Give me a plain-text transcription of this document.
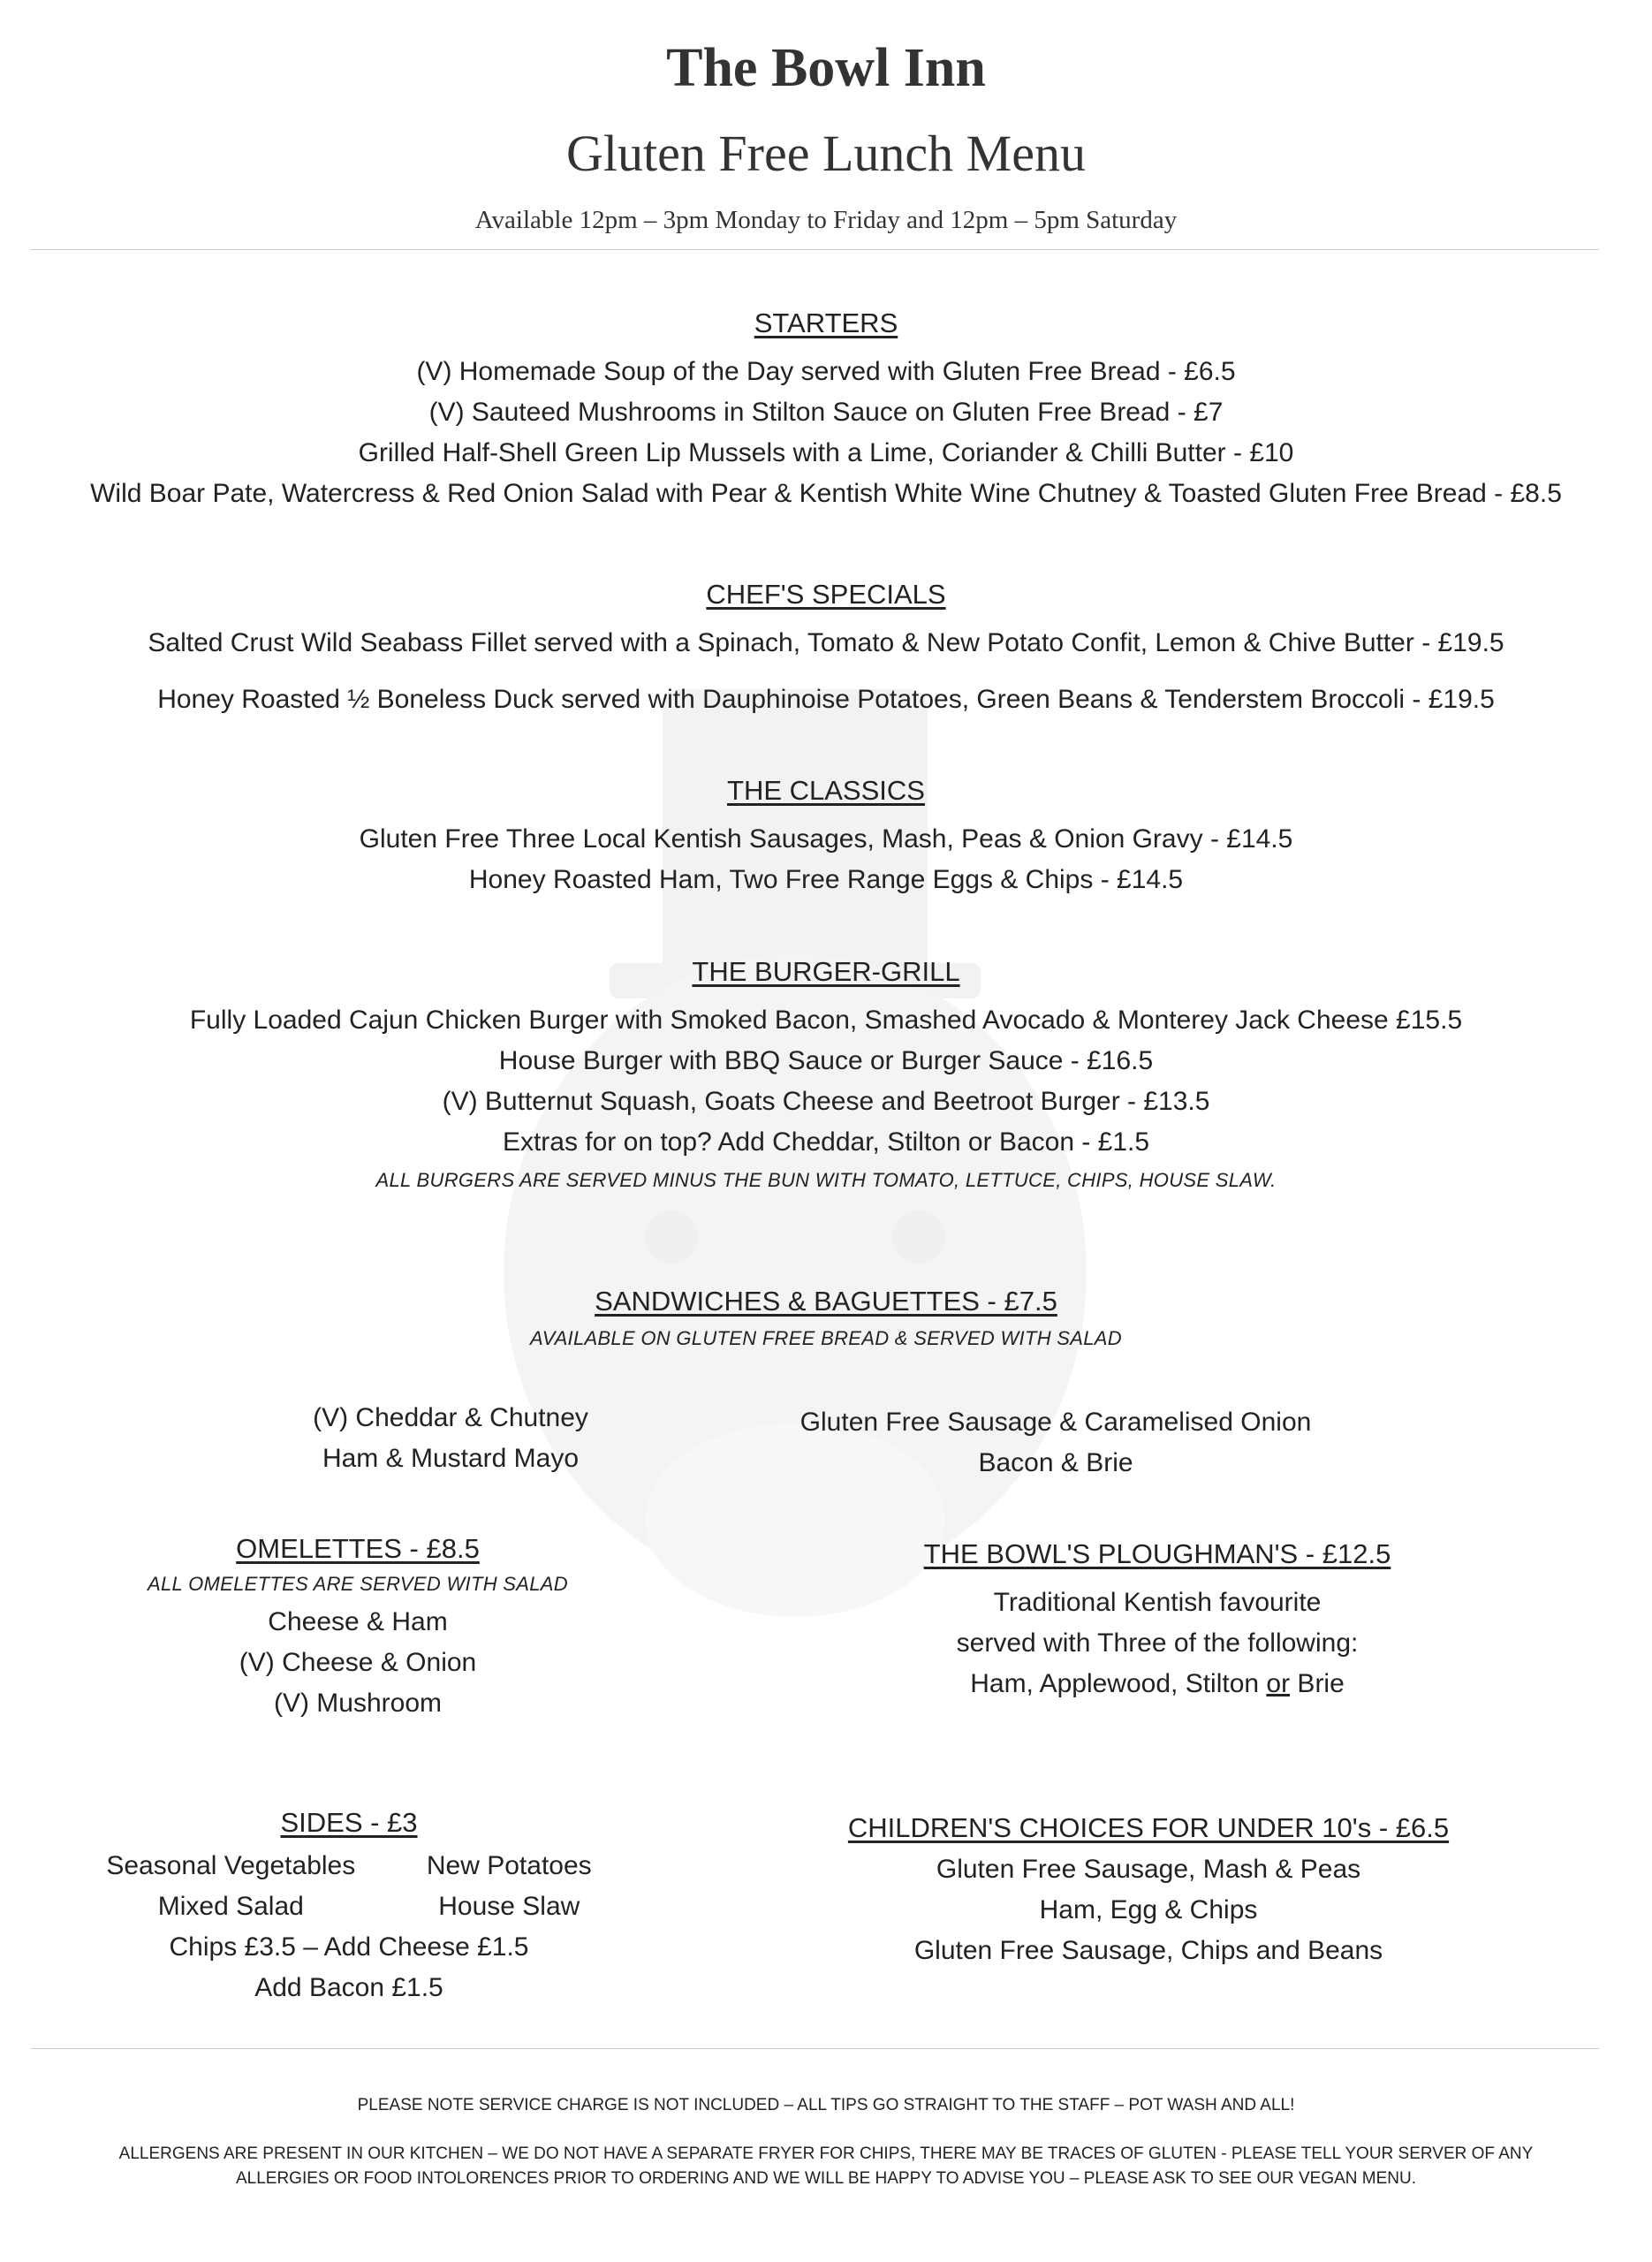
The Bowl Inn
Gluten Free Lunch Menu
Available 12pm – 3pm Monday to Friday and 12pm – 5pm Saturday
STARTERS
(V) Homemade Soup of the Day served with Gluten Free Bread - £6.5
(V) Sauteed Mushrooms in Stilton Sauce on Gluten Free Bread - £7
Grilled Half-Shell Green Lip Mussels with a Lime, Coriander & Chilli Butter - £10
Wild Boar Pate, Watercress & Red Onion Salad with Pear & Kentish White Wine Chutney & Toasted Gluten Free Bread - £8.5
CHEF'S SPECIALS
Salted Crust Wild Seabass Fillet served with a Spinach, Tomato & New Potato Confit, Lemon & Chive Butter - £19.5
Honey Roasted ½ Boneless Duck served with Dauphinoise Potatoes, Green Beans & Tenderstem Broccoli - £19.5
THE CLASSICS
Gluten Free Three Local Kentish Sausages, Mash, Peas & Onion Gravy - £14.5
Honey Roasted Ham, Two Free Range Eggs & Chips - £14.5
THE BURGER-GRILL
Fully Loaded Cajun Chicken Burger with Smoked Bacon, Smashed Avocado & Monterey Jack Cheese £15.5
House Burger with BBQ Sauce or Burger Sauce - £16.5
(V) Butternut Squash, Goats Cheese and Beetroot Burger - £13.5
Extras for on top? Add Cheddar, Stilton or Bacon - £1.5
ALL BURGERS ARE SERVED MINUS THE BUN WITH TOMATO, LETTUCE, CHIPS, HOUSE SLAW.
SANDWICHES & BAGUETTES - £7.5
AVAILABLE ON GLUTEN FREE BREAD & SERVED WITH SALAD
(V) Cheddar & Chutney
Ham & Mustard Mayo
Gluten Free Sausage & Caramelised Onion
Bacon & Brie
OMELETTES - £8.5
ALL OMELETTES ARE SERVED WITH SALAD
Cheese & Ham
(V) Cheese & Onion
(V) Mushroom
THE BOWL'S PLOUGHMAN'S - £12.5
Traditional Kentish favourite
served with Three of the following:
Ham, Applewood, Stilton or Brie
SIDES - £3
Seasonal Vegetables
Mixed Salad
New Potatoes
House Slaw
Chips £3.5 – Add Cheese £1.5
Add Bacon £1.5
CHILDREN'S CHOICES FOR UNDER 10's - £6.5
Gluten Free Sausage, Mash & Peas
Ham, Egg & Chips
Gluten Free Sausage, Chips and Beans
PLEASE NOTE SERVICE CHARGE IS NOT INCLUDED – ALL TIPS GO STRAIGHT TO THE STAFF – POT WASH AND ALL!
ALLERGENS ARE PRESENT IN OUR KITCHEN – WE DO NOT HAVE A SEPARATE FRYER FOR CHIPS, THERE MAY BE TRACES OF GLUTEN - PLEASE TELL YOUR SERVER OF ANY
ALLERGIES OR FOOD INTOLORENCES PRIOR TO ORDERING AND WE WILL BE HAPPY TO ADVISE YOU – PLEASE ASK TO SEE OUR VEGAN MENU.
